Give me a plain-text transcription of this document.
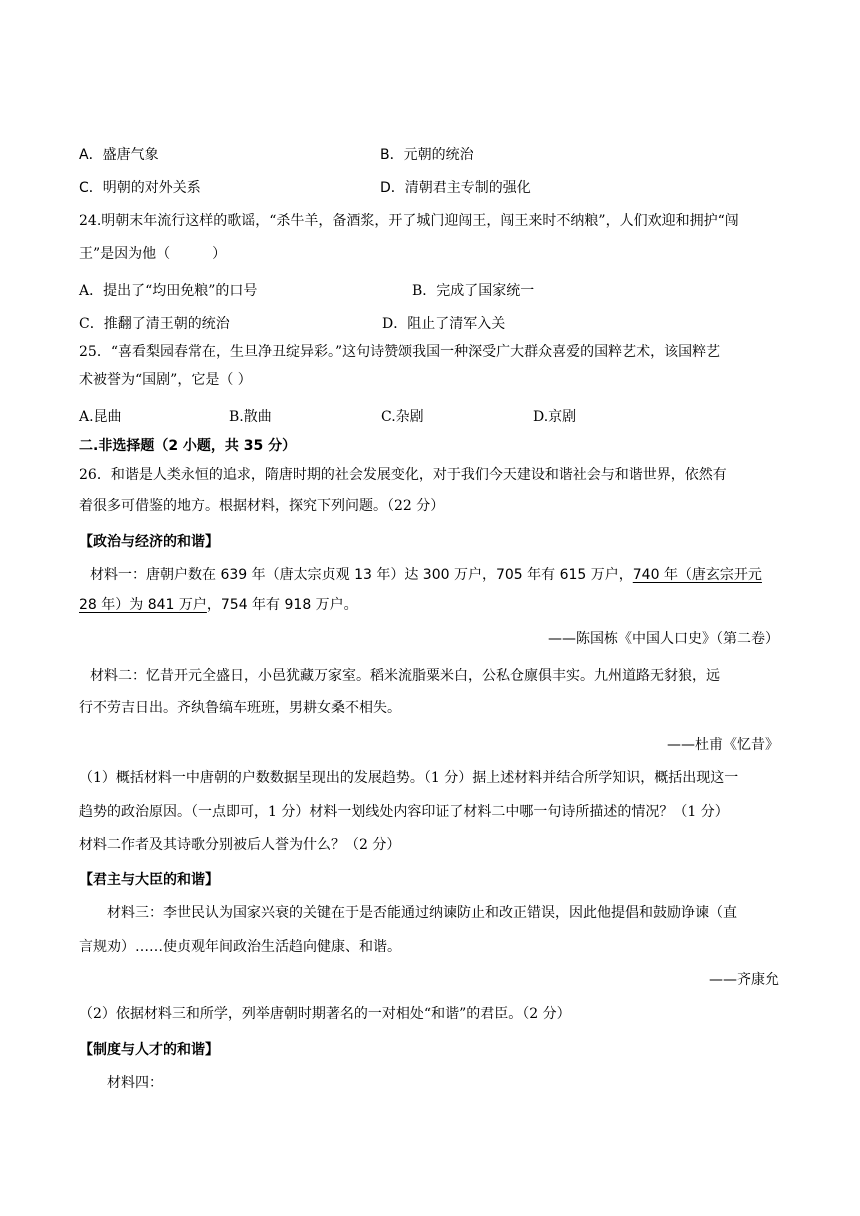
A．盛唐气象	B．元朝的统治
C．明朝的对外关系	D．清朝君主专制的强化
24.明朝末年流行这样的歌谣，“杀牛羊，备酒浆，开了城门迎闯王，闯王来时不纳粮”，人们欢迎和拥护“闯
王”是因为他（　　　）
A．提出了“均田免粮”的口号	B．完成了国家统一
C．推翻了清王朝的统治	D．阻止了清军入关
25．“喜看梨园春常在，生旦净丑绽异彩。”这句诗赞颂我国一种深受广大群众喜爱的国粹艺术，该国粹艺
术被誉为“国剧”，它是（ ）
A.昆曲	B.散曲	C.杂剧	D.京剧
二.非选择题（2 小题，共 35 分）
26．和谐是人类永恒的追求，隋唐时期的社会发展变化，对于我们今天建设和谐社会与和谐世界，依然有
着很多可借鉴的地方。根据材料，探究下列问题。（22 分）
【政治与经济的和谐】
材料一：唐朝户数在 639 年（唐太宗贞观 13 年）达 300 万户，705 年有 615 万户，740 年（唐玄宗开元
28 年）为 841 万户，754 年有 918 万户。
——陈国栋《中国人口史》（第二卷）
材料二：忆昔开元全盛日，小邑犹藏万家室。稻米流脂粟米白，公私仓廪俱丰实。九州道路无豺狼，远
行不劳吉日出。齐纨鲁缟车班班，男耕女桑不相失。
——杜甫《忆昔》
（1）概括材料一中唐朝的户数数据呈现出的发展趋势。（1 分）据上述材料并结合所学知识，概括出现这一
趋势的政治原因。（一点即可，1 分）材料一划线处内容印证了材料二中哪一句诗所描述的情况？（1 分）
材料二作者及其诗歌分别被后人誉为什么？（2 分）
【君主与大臣的和谐】
材料三：李世民认为国家兴衰的关键在于是否能通过纳谏防止和改正错误，因此他提倡和鼓励诤谏（直
言规劝）……使贞观年间政治生活趋向健康、和谐。
——齐康允
（2）依据材料三和所学，列举唐朝时期著名的一对相处“和谐”的君臣。（2 分）
【制度与人才的和谐】
材料四：
